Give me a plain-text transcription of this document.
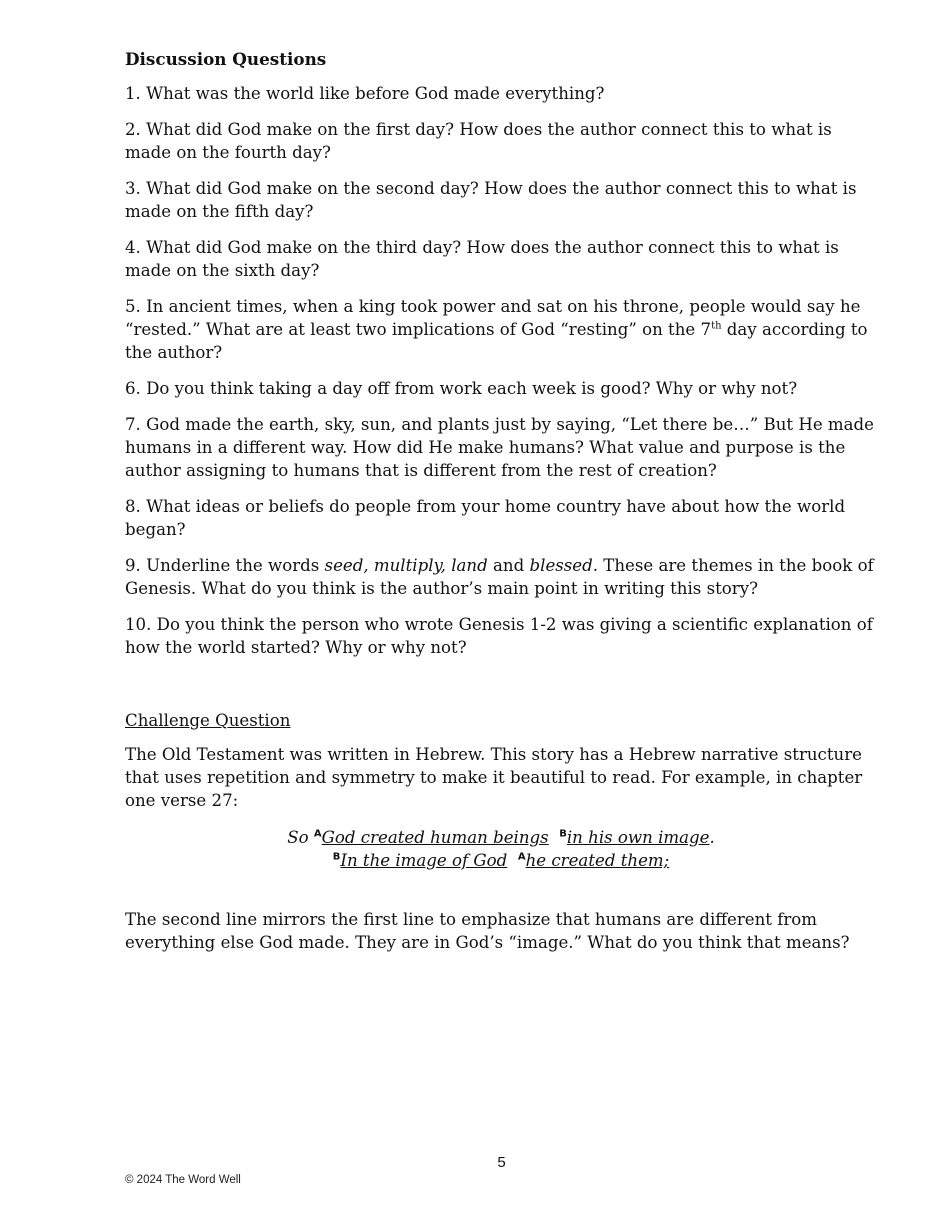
Discussion Questions

1. What was the world like before God made everything?

2. What did God make on the first day? How does the author connect this to what is made on the fourth day?

3. What did God make on the second day? How does the author connect this to what is made on the fifth day?

4. What did God make on the third day? How does the author connect this to what is made on the sixth day?

5. In ancient times, when a king took power and sat on his throne, people would say he “rested.” What are at least two implications of God “resting” on the 7th day according to the author?

6. Do you think taking a day off from work each week is good? Why or why not?

7. God made the earth, sky, sun, and plants just by saying, “Let there be…” But He made humans in a different way. How did He make humans? What value and purpose is the author assigning to humans that is different from the rest of creation?

8. What ideas or beliefs do people from your home country have about how the world began?

9. Underline the words seed, multiply, land and blessed. These are themes in the book of Genesis. What do you think is the author’s main point in writing this story?

10. Do you think the person who wrote Genesis 1-2 was giving a scientific explanation of how the world started? Why or why not?

Challenge Question

The Old Testament was written in Hebrew. This story has a Hebrew narrative structure that uses repetition and symmetry to make it beautiful to read. For example, in chapter one verse 27:

So $^A$God created human beings $^B$in his own image.
$^B$In the image of God $^A$he created them;

The second line mirrors the first line to emphasize that humans are different from everything else God made. They are in God’s “image.” What do you think that means?

5
© 2024 The Word Well
